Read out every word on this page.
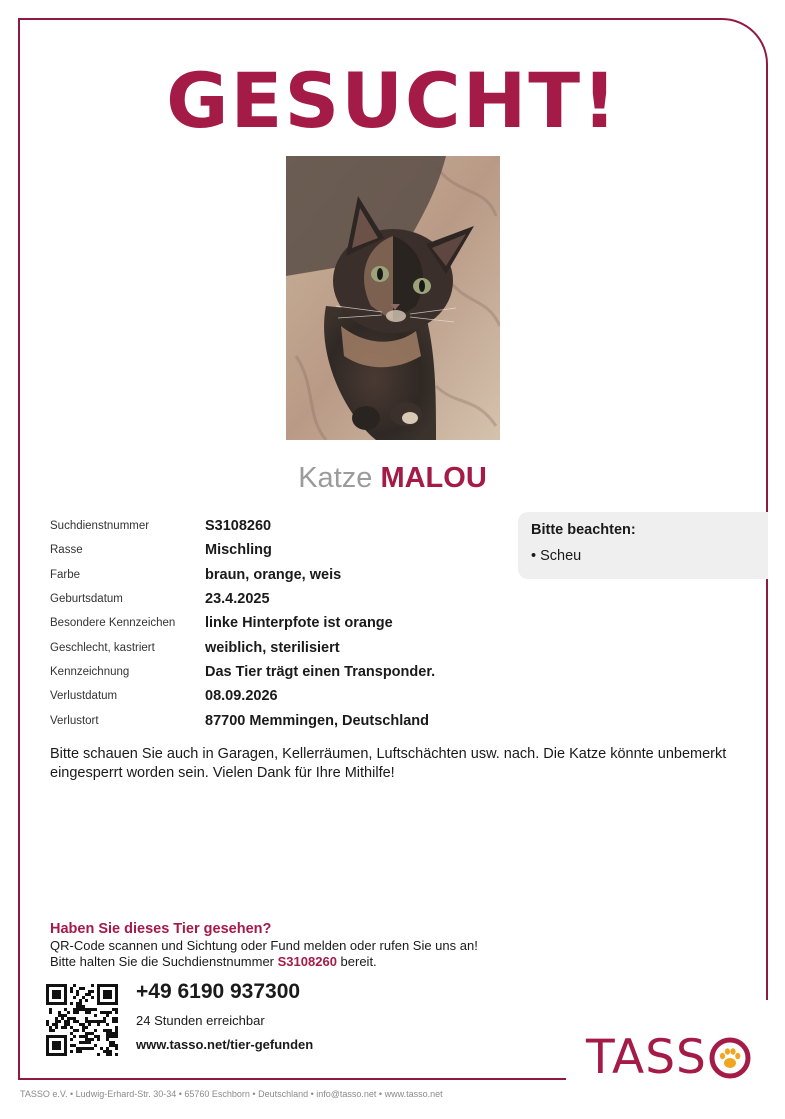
GESUCHT!
Katze MALOU
Suchdienstnummer	S3108260
Rasse	Mischling
Farbe	braun, orange, weis
Geburtsdatum	23.4.2025
Besondere Kennzeichen	linke Hinterpfote ist orange
Geschlecht, kastriert	weiblich, sterilisiert
Kennzeichnung	Das Tier trägt einen Transponder.
Verlustdatum	08.09.2026
Verlustort	87700 Memmingen, Deutschland
Bitte beachten:
• Scheu
Bitte schauen Sie auch in Garagen, Kellerräumen, Luftschächten usw. nach. Die Katze könnte unbemerkt eingesperrt worden sein. Vielen Dank für Ihre Mithilfe!
Haben Sie dieses Tier gesehen?
QR-Code scannen und Sichtung oder Fund melden oder rufen Sie uns an!
Bitte halten Sie die Suchdienstnummer S3108260 bereit.
+49 6190 937300
24 Stunden erreichbar
www.tasso.net/tier-gefunden	TASS
TASSO e.V. • Ludwig-Erhard-Str. 30-34 • 65760 Eschborn • Deutschland • info@tasso.net • www.tasso.net
